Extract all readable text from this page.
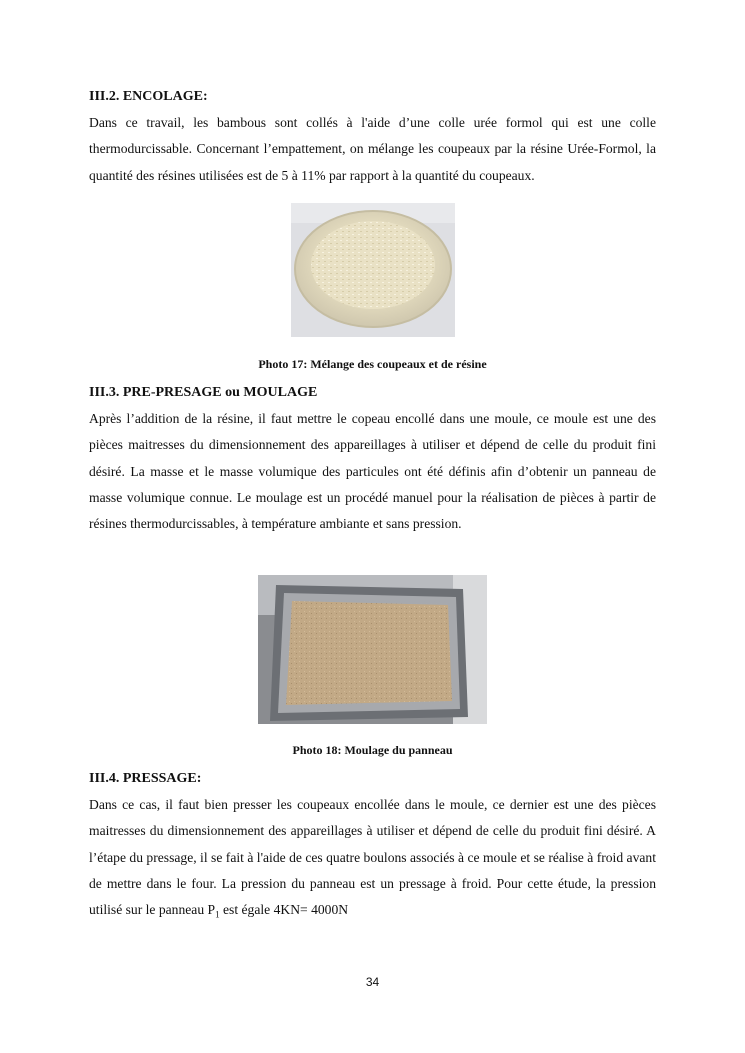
III.2. ENCOLAGE:
Dans ce travail, les bambous sont collés à l'aide d’une colle urée formol qui est une colle thermodurcissable. Concernant l’empattement, on mélange les coupeaux par la résine Urée-Formol, la quantité des résines utilisées est de 5 à 11% par rapport à la quantité du coupeaux.
Photo 17: Mélange des coupeaux et de résine
III.3. PRE-PRESAGE ou MOULAGE
Après l’addition de la résine, il faut mettre le copeau encollé dans une moule, ce moule est une des pièces maitresses du dimensionnement des appareillages à utiliser et dépend de celle du produit fini désiré. La masse et le masse volumique des particules ont été définis afin d’obtenir un panneau de masse volumique connue. Le moulage est un procédé manuel pour la réalisation de pièces à partir de résines thermodurcissables, à température ambiante et sans pression.
Photo 18: Moulage du panneau
III.4. PRESSAGE:
Dans ce cas, il faut bien presser les coupeaux encollée dans le moule, ce dernier est une des pièces maitresses du dimensionnement des appareillages à utiliser et dépend de celle du produit fini désiré. A l’étape du pressage, il se fait à l'aide de ces quatre boulons associés à ce moule et se réalise à froid avant de mettre dans le four. La pression du panneau est un pressage à froid. Pour cette étude, la pression utilisé sur le panneau $P_1$ est égale 4KN= 4000N
34
